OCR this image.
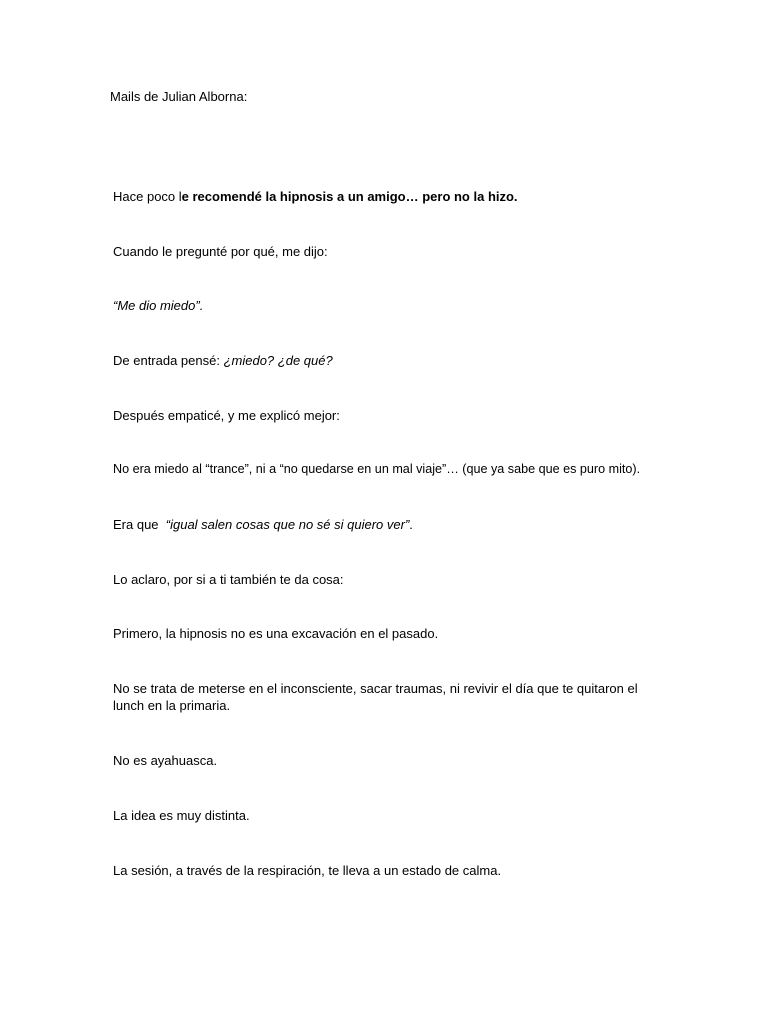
Mails de Julian Alborna:

Hace poco le recomendé la hipnosis a un amigo… pero no la hizo.

Cuando le pregunté por qué, me dijo:

“Me dio miedo”.

De entrada pensé: ¿miedo? ¿de qué?

Después empaticé, y me explicó mejor:

No era miedo al “trance”, ni a “no quedarse en un mal viaje”… (que ya sabe que es puro mito).

Era que  “igual salen cosas que no sé si quiero ver”.

Lo aclaro, por si a ti también te da cosa:

Primero, la hipnosis no es una excavación en el pasado.

No se trata de meterse en el inconsciente, sacar traumas, ni revivir el día que te quitaron el lunch en la primaria.

No es ayahuasca.

La idea es muy distinta.

La sesión, a través de la respiración, te lleva a un estado de calma.
